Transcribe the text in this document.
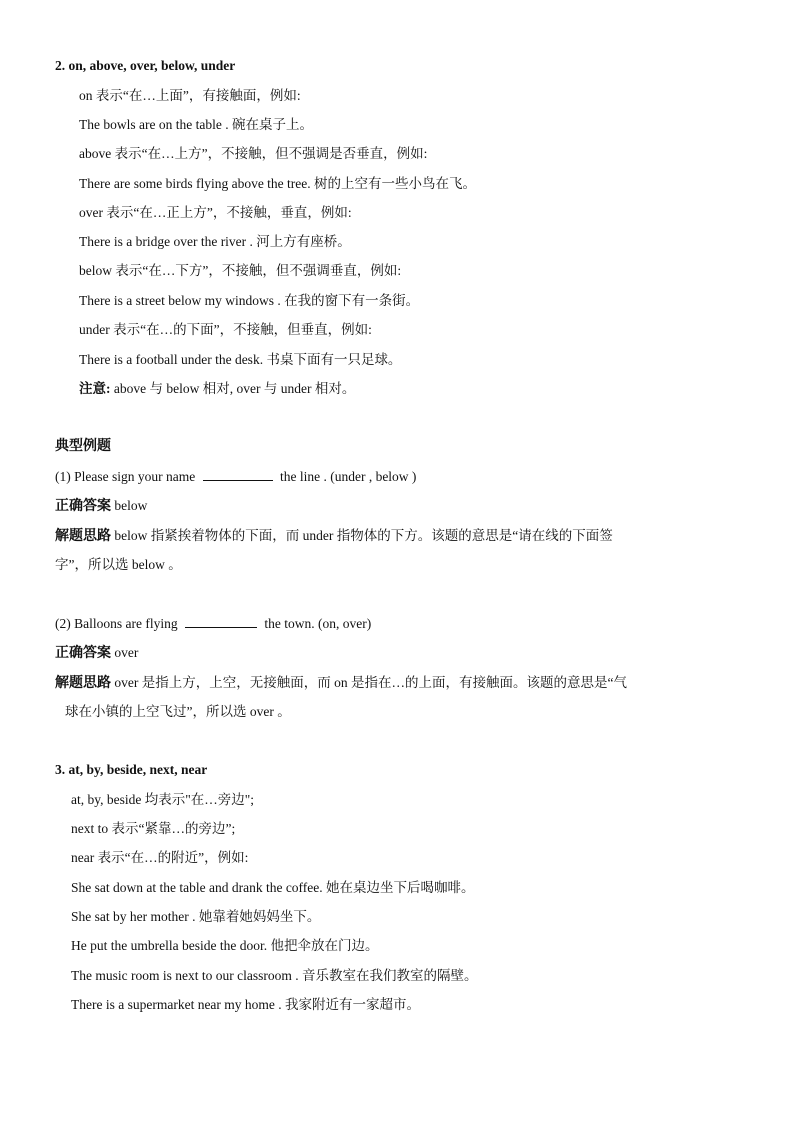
2. on, above, over, below, under
on 表示“在…上面”，有接触面，例如:
The bowls are on the table . 碗在桌子上。
above 表示“在…上方”，不接触，但不强调是否垂直，例如:
There are some birds flying above the tree. 树的上空有一些小鸟在飞。
over 表示“在…正上方”，不接触，垂直，例如:
There is a bridge over the river . 河上方有座桥。
below 表示“在…下方”，不接触，但不强调垂直，例如:
There is a street below my windows . 在我的窗下有一条街。
under 表示“在…的下面”，不接触，但垂直，例如:
There is a football under the desk. 书桌下面有一只足球。
注意: above 与 below 相对, over 与 under 相对。
典型例题
(1) Please sign your name	the line . (under , below )
正确答案 below
解题思路 below 指紧挨着物体的下面，而 under 指物体的下方。该题的意思是“请在线的下面签
字”，所以选 below 。
(2) Balloons are flying	the town. (on, over)
正确答案 over
解题思路 over 是指上方，上空，无接触面，而 on 是指在…的上面，有接触面。该题的意思是“气
球在小镇的上空飞过”，所以选 over 。
3. at, by, beside, next, near
at, by, beside 均表示"在…旁边";
next to 表示“紧靠…的旁边”;
near 表示“在…的附近”，例如:
She sat down at the table and drank the coffee. 她在桌边坐下后喝咖啡。
She sat by her mother . 她靠着她妈妈坐下。
He put the umbrella beside the door. 他把伞放在门边。
The music room is next to our classroom . 音乐教室在我们教室的隔壁。
There is a supermarket near my home . 我家附近有一家超市。
